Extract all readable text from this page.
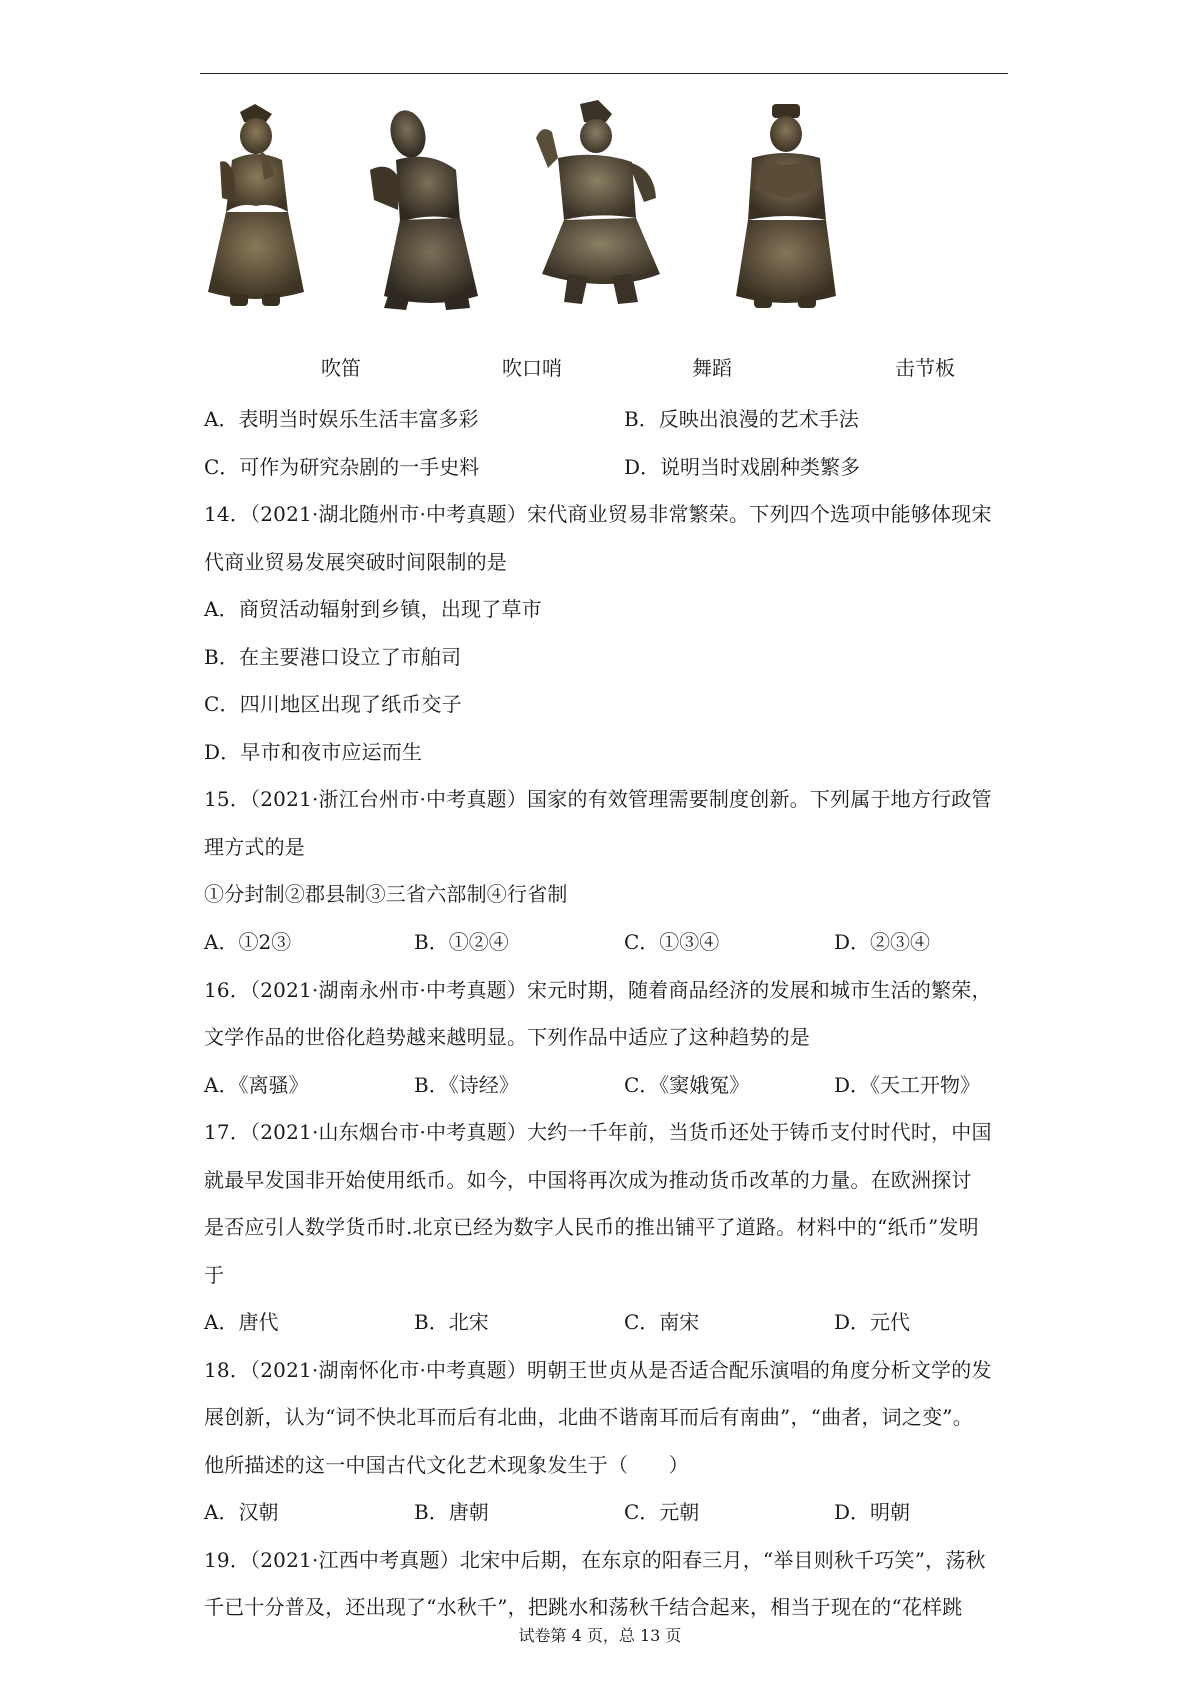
吹笛	吹口哨	舞蹈	击节板
A．表明当时娱乐生活丰富多彩	B．反映出浪漫的艺术手法
C．可作为研究杂剧的一手史料	D．说明当时戏剧种类繁多
14．（2021·湖北随州市·中考真题）宋代商业贸易非常繁荣。下列四个选项中能够体现宋
代商业贸易发展突破时间限制的是
A．商贸活动辐射到乡镇，出现了草市
B．在主要港口设立了市舶司
C．四川地区出现了纸币交子
D．早市和夜市应运而生
15．（2021·浙江台州市·中考真题）国家的有效管理需要制度创新。下列属于地方行政管
理方式的是
①分封制②郡县制③三省六部制④行省制
A．①2③	B．①②④	C．①③④	D．②③④
16．（2021·湖南永州市·中考真题）宋元时期，随着商品经济的发展和城市生活的繁荣，
文学作品的世俗化趋势越来越明显。下列作品中适应了这种趋势的是
A．《离骚》	B．《诗经》	C．《窦娥冤》	D．《天工开物》
17．（2021·山东烟台市·中考真题）大约一千年前，当货币还处于铸币支付时代时，中国
就最早发国非开始使用纸币。如今，中国将再次成为推动货币改革的力量。在欧洲探讨
是否应引人数学货币时.北京已经为数字人民币的推出铺平了道路。材料中的“纸币”发明
于
A．唐代	B．北宋	C．南宋	D．元代
18．（2021·湖南怀化市·中考真题）明朝王世贞从是否适合配乐演唱的角度分析文学的发
展创新，认为“词不快北耳而后有北曲，北曲不谐南耳而后有南曲”，“曲者，词之变”。
他所描述的这一中国古代文化艺术现象发生于（　　）
A．汉朝	B．唐朝	C．元朝	D．明朝
19．（2021·江西中考真题）北宋中后期，在东京的阳春三月，“举目则秋千巧笑”，荡秋
千已十分普及，还出现了“水秋千”，把跳水和荡秋千结合起来，相当于现在的“花样跳
试卷第 4 页，总 13 页
